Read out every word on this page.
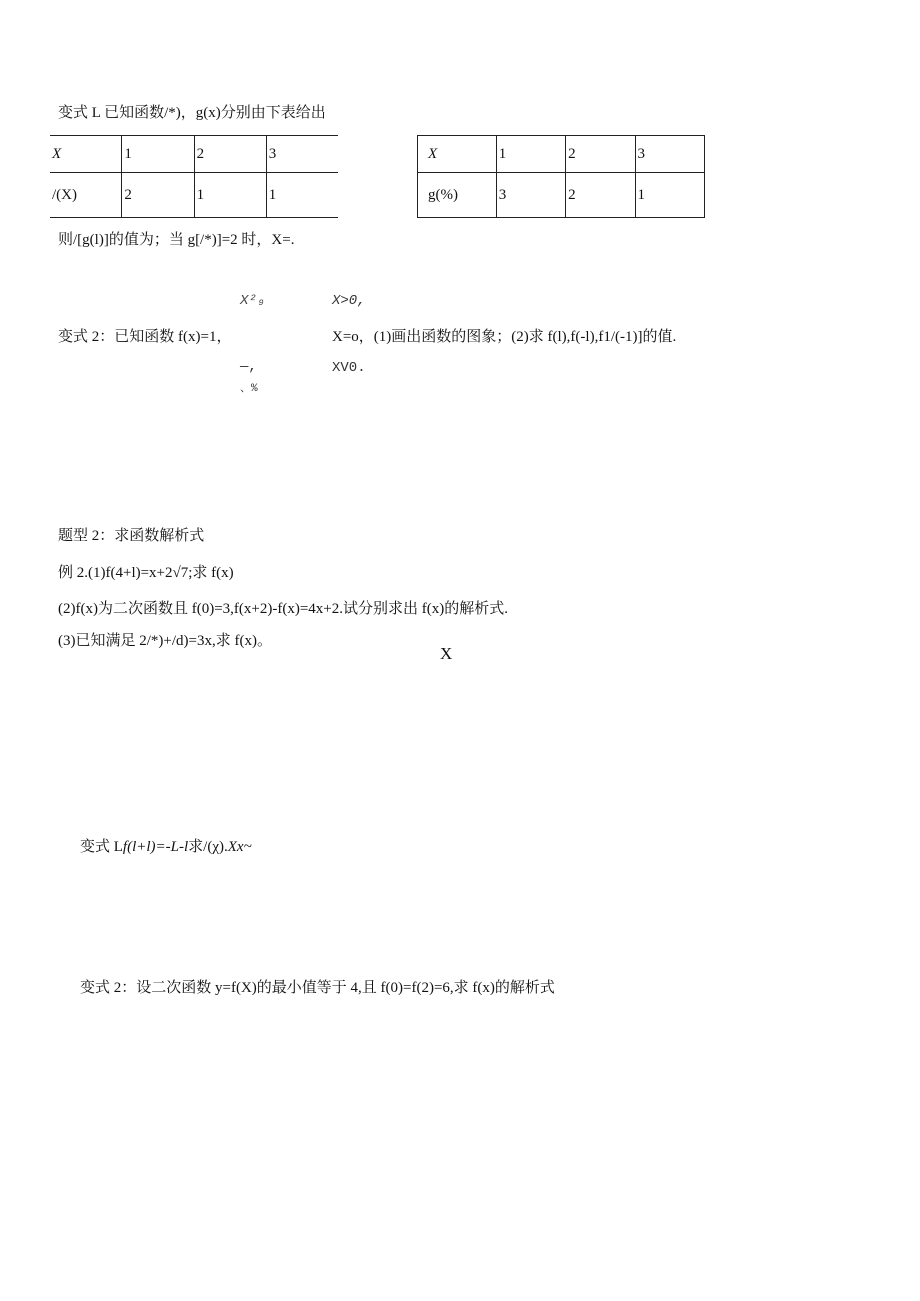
变式 L 已知函数/*)，g(x)分别由下表给出
X	1	2	3
/(X)	2	1	1
X	1	2	3
g(%)	3	2	1
则/[g(l)]的值为；当 g[/*)]=2 时，X=.
X²₉	X>0,
变式 2：已知函数 f(x)=1，	X=o，(1)画出函数的图象；(2)求 f(l),f(-l),f1/(-1)]的值.
—,
、%
XV0.
题型 2：求函数解析式
例 2.(1)f(4+l)=x+2√7;求 f(x)
(2)f(x)为二次函数且 f(0)=3,f(x+2)-f(x)=4x+2.试分别求出 f(x)的解析式.
(3)已知满足 2/*)+/d)=3x,求 f(x)。
X
变式 Lf(l+l)=-L-l求/(χ).Xx~
变式 2：设二次函数 y=f(X)的最小值等于 4,且 f(0)=f(2)=6,求 f(x)的解析式
